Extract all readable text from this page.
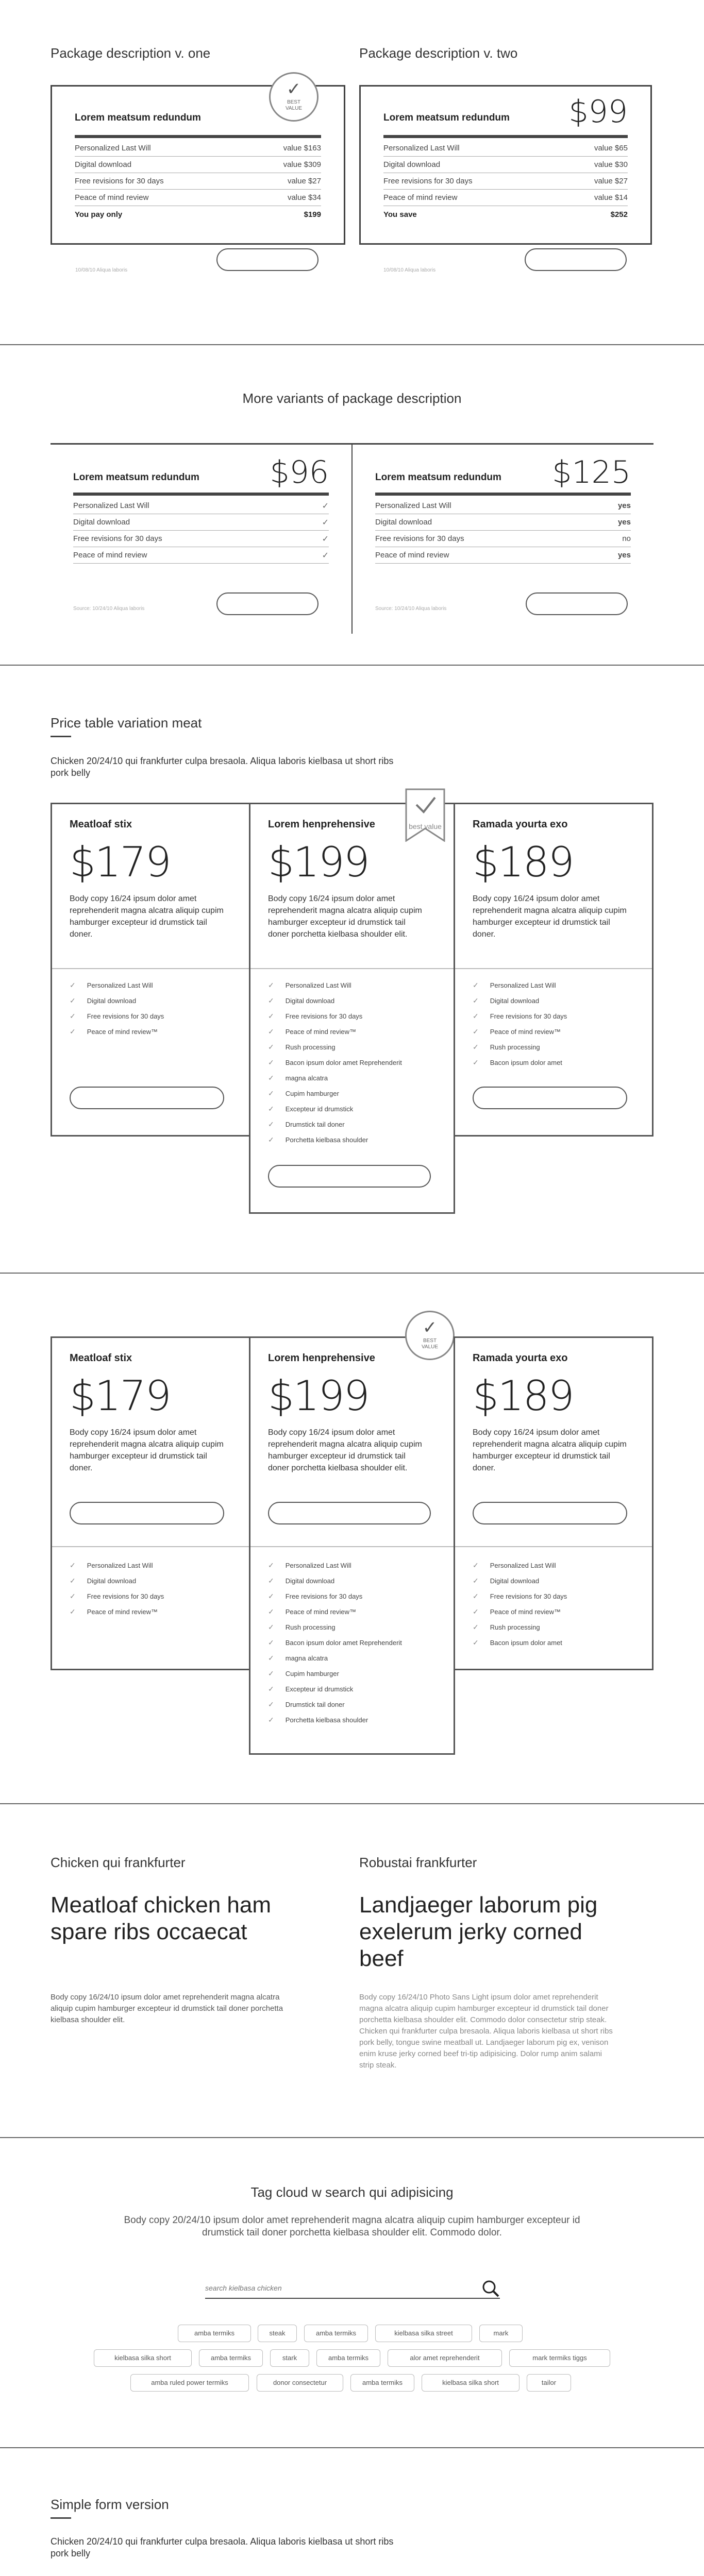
Package description v. one	Package description v. two
Lorem meatsum redundum
Personalized Last Will	value $163
Digital download	value $309
Free revisions for 30 days	value $27
Peace of mind review	value $34
You pay only	$199
10/08/10 Aliqua laboris
✓
BEST
VALUE
Lorem meatsum redundum $99
Personalized Last Will	value $65
Digital download	value $30
Free revisions for 30 days	value $27
Peace of mind review	value $14
You save	$252
10/08/10 Aliqua laboris
More variants of package description
Lorem meatsum redundum $96
Personalized Last Will	✓
Digital download	✓
Free revisions for 30 days	✓
Peace of mind review	✓
Source: 10/24/10 Aliqua laboris
Lorem meatsum redundum $125
Personalized Last Will	yes
Digital download	yes
Free revisions for 30 days	no
Peace of mind review	yes
Source: 10/24/10 Aliqua laboris
Price table variation meat
Chicken 20/24/10 qui frankfurter culpa bresaola. Aliqua laboris kielbasa ut short ribs pork belly
Meatloaf stix
$179
Body copy 16/24 ipsum dolor amet reprehenderit magna alcatra aliquip cupim hamburger excepteur id drumstick tail doner.
✓ Personalized Last Will
✓ Digital download
✓ Free revisions for 30 days
✓ Peace of mind review™
Lorem henprehensive
$199
Body copy 16/24 ipsum dolor amet reprehenderit magna alcatra aliquip cupim hamburger excepteur id drumstick tail doner porchetta kielbasa shoulder elit.
✓ Personalized Last Will
✓ Digital download
✓ Free revisions for 30 days
✓ Peace of mind review™
✓ Rush processing
✓ Bacon ipsum dolor amet Reprehenderit
✓ magna alcatra
✓ Cupim hamburger
✓ Excepteur id drumstick
✓ Drumstick tail doner
✓ Porchetta kielbasa shoulder
best value	Ramada yourta exo
$189
Body copy 16/24 ipsum dolor amet reprehenderit magna alcatra aliquip cupim hamburger excepteur id drumstick tail doner.
✓ Personalized Last Will
✓ Digital download
✓ Free revisions for 30 days
✓ Peace of mind review™
✓ Rush processing
✓ Bacon ipsum dolor amet
Meatloaf stix
$179
Body copy 16/24 ipsum dolor amet reprehenderit magna alcatra aliquip cupim hamburger excepteur id drumstick tail doner.
✓ Personalized Last Will
✓ Digital download
✓ Free revisions for 30 days
✓ Peace of mind review™
Lorem henprehensive
$199
Body copy 16/24 ipsum dolor amet reprehenderit magna alcatra aliquip cupim hamburger excepteur id drumstick tail doner porchetta kielbasa shoulder elit.
✓ Personalized Last Will
✓ Digital download
✓ Free revisions for 30 days
✓ Peace of mind review™
✓ Rush processing
✓ Bacon ipsum dolor amet Reprehenderit
✓ magna alcatra
✓ Cupim hamburger
✓ Excepteur id drumstick
✓ Drumstick tail doner
✓ Porchetta kielbasa shoulder
✓
BEST
VALUE
Ramada yourta exo
$189
Body copy 16/24 ipsum dolor amet reprehenderit magna alcatra aliquip cupim hamburger excepteur id drumstick tail doner.
✓ Personalized Last Will
✓ Digital download
✓ Free revisions for 30 days
✓ Peace of mind review™
✓ Rush processing
✓ Bacon ipsum dolor amet
Chicken qui frankfurter
Meatloaf chicken ham spare ribs occaecat
Body copy 16/24/10 ipsum dolor amet reprehenderit magna alcatra aliquip cupim hamburger excepteur id drumstick tail doner porchetta kielbasa shoulder elit.
Robustai frankfurter
Landjaeger laborum pig exelerum jerky corned beef
Body copy 16/24/10 Photo Sans Light ipsum dolor amet reprehenderit magna alcatra aliquip cupim hamburger excepteur id drumstick tail doner porchetta kielbasa shoulder elit. Commodo dolor consectetur strip steak. Chicken qui frankfurter culpa bresaola. Aliqua laboris kielbasa ut short ribs pork belly, tongue swine meatball ut. Landjaeger laborum pig ex, venison enim kruse jerky corned beef tri-tip adipisicing. Dolor rump anim salami strip steak.
Tag cloud w search qui adipisicing
Body copy 20/24/10 ipsum dolor amet reprehenderit magna alcatra aliquip cupim hamburger excepteur id drumstick tail doner porchetta kielbasa shoulder elit. Commodo dolor.
search kielbasa chicken
amba termiks	steak	amba termiks	kielbasa silka street	mark
kielbasa silka short	amba termiks	stark	amba termiks	alor amet reprehenderit	mark termiks tiggs
amba ruled power termiks	donor consectetur	amba termiks	kielbasa silka short	tailor
Simple form version
Chicken 20/24/10 qui frankfurter culpa bresaola. Aliqua laboris kielbasa ut short ribs pork belly
